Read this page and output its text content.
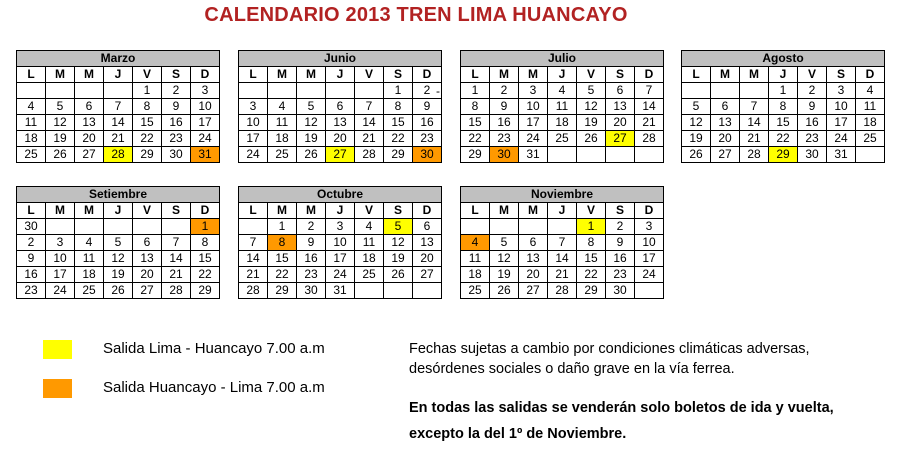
CALENDARIO 2013 TREN LIMA HUANCAYO
Marzo						
L	M	M	J	V	S	D
				1	2	3
4	5	6	7	8	9	10
11	12	13	14	15	16	17
18	19	20	21	22	23	24
25	26	27	28	29	30	31
Junio						
L	M	M	J	V	S	D
					1	2
3	4	5	6	7	8	9
10	11	12	13	14	15	16
17	18	19	20	21	22	23
24	25	26	27	28	29	30
Julio						
L	M	M	J	V	S	D
1	2	3	4	5	6	7
8	9	10	11	12	13	14
15	16	17	18	19	20	21
22	23	24	25	26	27	28
29	30	31				
Agosto						
L	M	M	J	V	S	D
			1	2	3	4
5	6	7	8	9	10	11
12	13	14	15	16	17	18
19	20	21	22	23	24	25
26	27	28	29	30	31	
Setiembre						
L	M	M	J	V	S	D
30						1
2	3	4	5	6	7	8
9	10	11	12	13	14	15
16	17	18	19	20	21	22
23	24	25	26	27	28	29
Octubre						
L	M	M	J	V	S	D
	1	2	3	4	5	6
7	8	9	10	11	12	13
14	15	16	17	18	19	20
21	22	23	24	25	26	27
28	29	30	31			
Noviembre						
L	M	M	J	V	S	D
				1	2	3
4	5	6	7	8	9	10
11	12	13	14	15	16	17
18	19	20	21	22	23	24
25	26	27	28	29	30	
-
Salida Lima - Huancayo 7.00 a.m
Salida Huancayo - Lima 7.00 a.m
Fechas sujetas a cambio por condiciones climáticas adversas,
desórdenes sociales o daño grave en la vía ferrea.
En todas las salidas se venderán solo boletos de ida y vuelta,
excepto la del 1º de Noviembre.
